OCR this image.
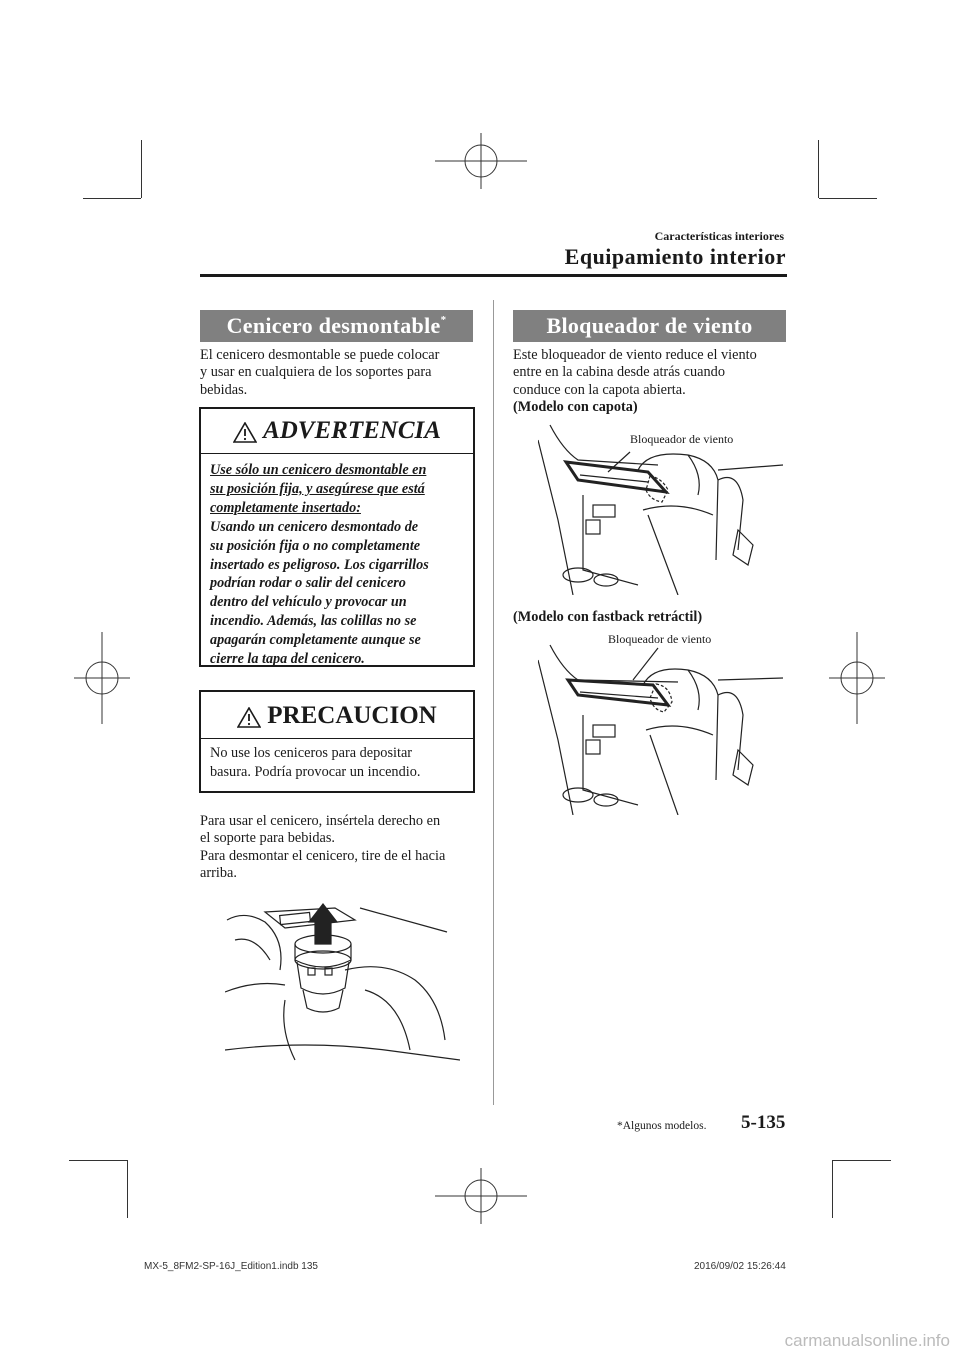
Características interiores
Equipamiento interior
Cenicero desmontable*

El cenicero desmontable se puede colocar

y usar en cualquiera de los soportes para

bebidas.

ADVERTENCIA
Use sólo un cenicero desmontable en
su posición fija, y asegúrese que está
completamente insertado:
Usando un cenicero desmontado de
su posición fija o no completamente
insertado es peligroso. Los cigarrillos
podrían rodar o salir del cenicero
dentro del vehículo y provocar un
incendio. Además, las colillas no se
apagarán completamente aunque se
cierre la tapa del cenicero.
PRECAUCION
No use los ceniceros para depositar
basura. Podría provocar un incendio.

Para usar el cenicero, insértela derecho en

el soporte para bebidas.

Para desmontar el cenicero, tire de el hacia

arriba.

Bloqueador de viento

Este bloqueador de viento reduce el viento

entre en la cabina desde atrás cuando

conduce con la capota abierta.

(Modelo con capota)

Bloqueador de viento
(Modelo con fastback retráctil)
Bloqueador de viento
*Algunos modelos. 5-135
MX-5_8FM2-SP-16J_Edition1.indb 135	2016/09/02 15:26:44
carmanualsonline.info
